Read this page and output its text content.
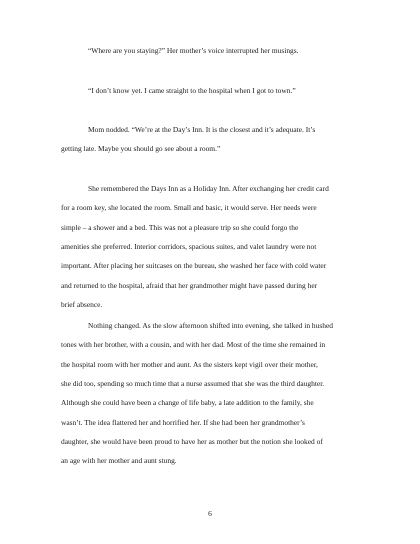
“Where are you staying?” Her mother’s voice interrupted her musings.

“I don’t know yet. I came straight to the hospital when I got to town.”

Mom nodded. “We’re at the Day’s Inn. It is the closest and it’s adequate. It’s
getting late. Maybe you should go see about a room.”

She remembered the Days Inn as a Holiday Inn. After exchanging her credit card
for a room key, she located the room. Small and basic, it would serve. Her needs were
simple – a shower and a bed. This was not a pleasure trip so she could forgo the
amenities she preferred. Interior corridors, spacious suites, and valet laundry were not
important. After placing her suitcases on the bureau, she washed her face with cold water
and returned to the hospital, afraid that her grandmother might have passed during her
brief absence.

Nothing changed. As the slow afternoon shifted into evening, she talked in hushed
tones with her brother, with a cousin, and with her dad. Most of the time she remained in
the hospital room with her mother and aunt. As the sisters kept vigil over their mother,
she did too, spending so much time that a nurse assumed that she was the third daughter.
Although she could have been a change of life baby, a late addition to the family, she
wasn’t. The idea flattered her and horrified her. If she had been her grandmother’s
daughter, she would have been proud to have her as mother but the notion she looked of
an age with her mother and aunt stung.

6
